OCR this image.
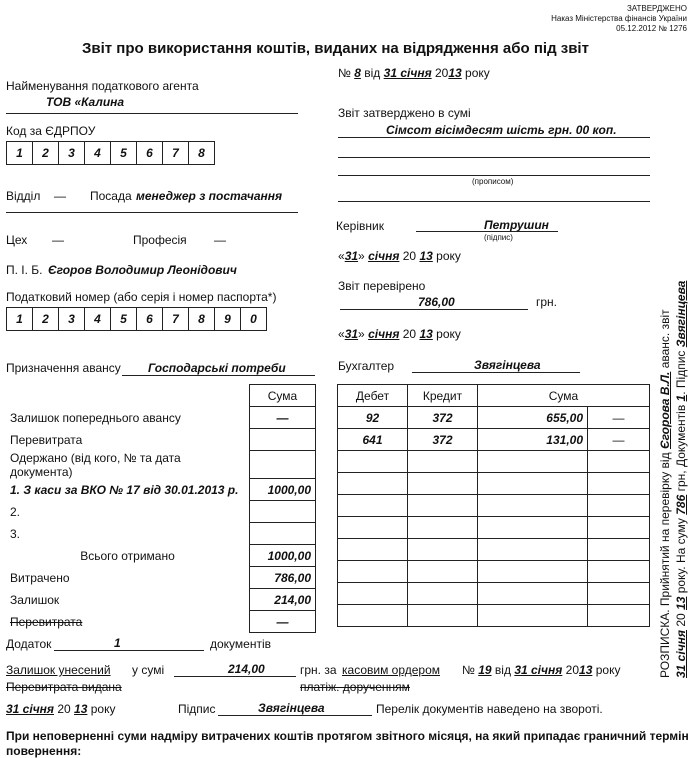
ЗАТВЕРДЖЕНО
Наказ Міністерства фінансів України
05.12.2012 № 1276
Звіт про використання коштів, виданих на відрядження або під звіт
№ 8 від 31 січня 2013 року
Найменування податкового агента
ТОВ «Калина
Код за ЄДРПОУ
1	2	3	4	5	6	7	8
Відділ — Посада менеджер з постачання
Цех —	Професія —
П. І. Б. Єгоров Володимир Леонідович
Податковий номер (або серія і номер паспорта*)
1	2	3	4	5	6	7	8	9	0
Призначення авансу Господарські потреби
	Сума
Залишок попереднього авансу	—
Перевитрата	
Одержано (від кого, № та дата документа)	
1. З каси за ВКО № 17 від 30.01.2013 р.	1000,00
2.	
3.	
Всього отримано	1000,00
Витрачено	786,00
Залишок	214,00
Перевитрата	—
Звіт затверджено в сумі
Сімсот вісімдесят шість грн. 00 коп.
(прописом)
Керівник	Петрушин
(підпис)
«31» січня 20 13 року
Звіт перевірено
786,00	грн.
«31» січня 20 13 року
Бухгалтер	Звягінцева
Дебет	Кредит	Сума	
92	372	655,00	—
641	372	131,00	—

РОЗПИСКА. Прийнятий на перевірку від Єгорова В.Л. аванс. звіт
31 січня 20 13 року. На суму 786 грн, Документів 1. Підпис Звягінцева
Додаток	1	документів
Залишок унесений у сумі	214,00	грн. за касовим ордером № 19 від 31 січня 2013 року
Перевитрата видана	платіж. дорученням
31 січня 20 13 року	Підпис	Звягінцева	Перелік документів наведено на звороті.
При неповерненні суми надміру витрачених коштів протягом звітного місяця, на який припадає граничний термін
повернення:
